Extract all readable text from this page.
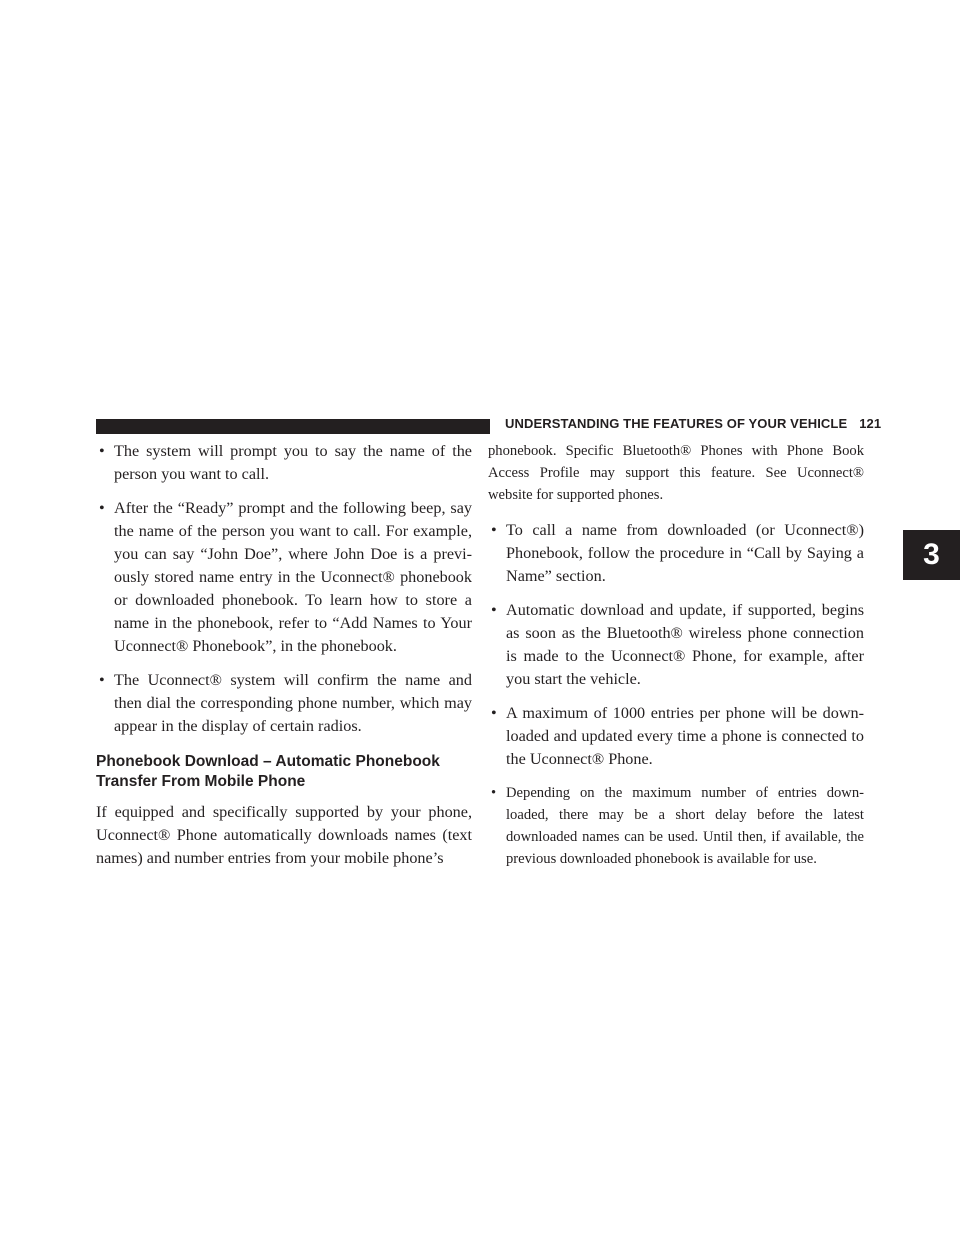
UNDERSTANDING THE FEATURES OF YOUR VEHICLE 121
3
• The system will prompt you to say the name of the person you want to call.
• After the “Ready” prompt and the following beep, say the name of the person you want to call. For example, you can say “John Doe”, where John Doe is a previ- ously stored name entry in the Uconnect® phonebook or downloaded phonebook. To learn how to store a name in the phonebook, refer to “Add Names to Your Uconnect® Phonebook”, in the phonebook.
• The Uconnect® system will confirm the name and then dial the corresponding phone number, which may appear in the display of certain radios.
Phonebook Download – Automatic Phonebook Transfer From Mobile Phone

If equipped and specifically supported by your phone, Uconnect® Phone automatically downloads names (text names) and number entries from your mobile phone’s

phonebook. Specific Bluetooth® Phones with Phone Book Access Profile may support this feature. See Uconnect® website for supported phones.

• To call a name from downloaded (or Uconnect®) Phonebook, follow the procedure in “Call by Saying a Name” section.
• Automatic download and update, if supported, begins as soon as the Bluetooth® wireless phone connection is made to the Uconnect® Phone, for example, after you start the vehicle.
• A maximum of 1000 entries per phone will be down- loaded and updated every time a phone is connected to the Uconnect® Phone.
• Depending on the maximum number of entries down- loaded, there may be a short delay before the latest downloaded names can be used. Until then, if available, the previous downloaded phonebook is available for use.
